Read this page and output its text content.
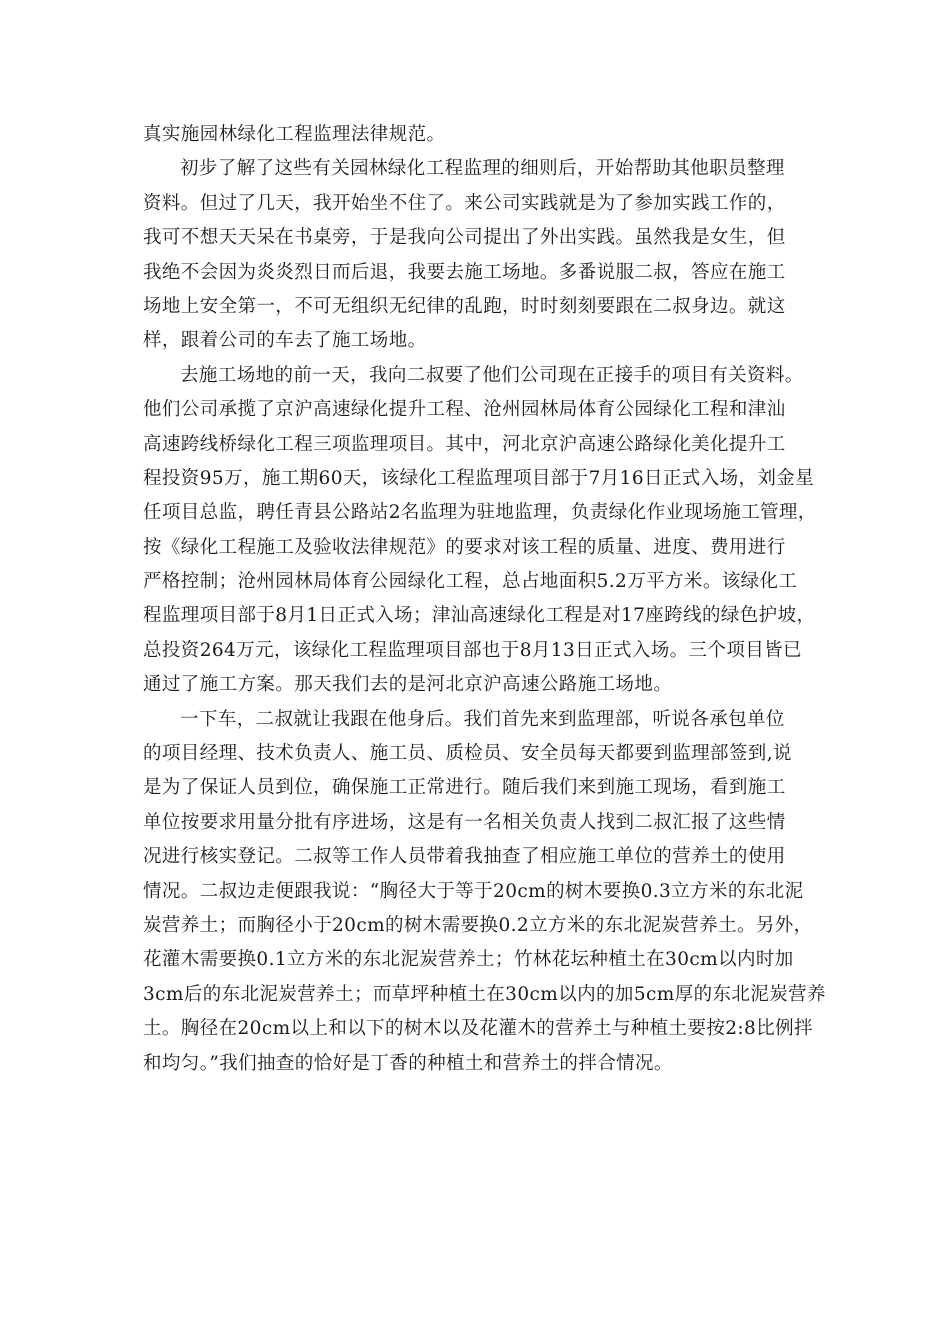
真实施园林绿化工程监理法律规范。

初步了解了这些有关园林绿化工程监理的细则后，开始帮助其他职员整理

资料。但过了几天，我开始坐不住了。来公司实践就是为了参加实践工作的，

我可不想天天呆在书桌旁，于是我向公司提出了外出实践。虽然我是女生，但

我绝不会因为炎炎烈日而后退，我要去施工场地。多番说服二叔，答应在施工

场地上安全第一，不可无组织无纪律的乱跑，时时刻刻要跟在二叔身边。就这

样，跟着公司的车去了施工场地。

去施工场地的前一天，我向二叔要了他们公司现在正接手的项目有关资料。

他们公司承揽了京沪高速绿化提升工程、沧州园林局体育公园绿化工程和津汕

高速跨线桥绿化工程三项监理项目。其中，河北京沪高速公路绿化美化提升工

程投资95万，施工期60天，该绿化工程监理项目部于7月16日正式入场，刘金星

任项目总监，聘任青县公路站2名监理为驻地监理，负责绿化作业现场施工管理，

按《绿化工程施工及验收法律规范》的要求对该工程的质量、进度、费用进行

严格控制；沧州园林局体育公园绿化工程，总占地面积5.2万平方米。该绿化工

程监理项目部于8月1日正式入场；津汕高速绿化工程是对17座跨线的绿色护坡，

总投资264万元，该绿化工程监理项目部也于8月13日正式入场。三个项目皆已

通过了施工方案。那天我们去的是河北京沪高速公路施工场地。

一下车，二叔就让我跟在他身后。我们首先来到监理部，听说各承包单位

的项目经理、技术负责人、施工员、质检员、安全员每天都要到监理部签到,说

是为了保证人员到位，确保施工正常进行。随后我们来到施工现场，看到施工

单位按要求用量分批有序进场，这是有一名相关负责人找到二叔汇报了这些情

况进行核实登记。二叔等工作人员带着我抽查了相应施工单位的营养土的使用

情况。二叔边走便跟我说：“胸径大于等于20cm的树木要换0.3立方米的东北泥

炭营养土；而胸径小于20cm的树木需要换0.2立方米的东北泥炭营养土。另外，

花灌木需要换0.1立方米的东北泥炭营养土；竹林花坛种植土在30cm以内时加

3cm后的东北泥炭营养土；而草坪种植土在30cm以内的加5cm厚的东北泥炭营养

土。胸径在20cm以上和以下的树木以及花灌木的营养土与种植土要按2:8比例拌

和均匀。”我们抽查的恰好是丁香的种植土和营养土的拌合情况。
